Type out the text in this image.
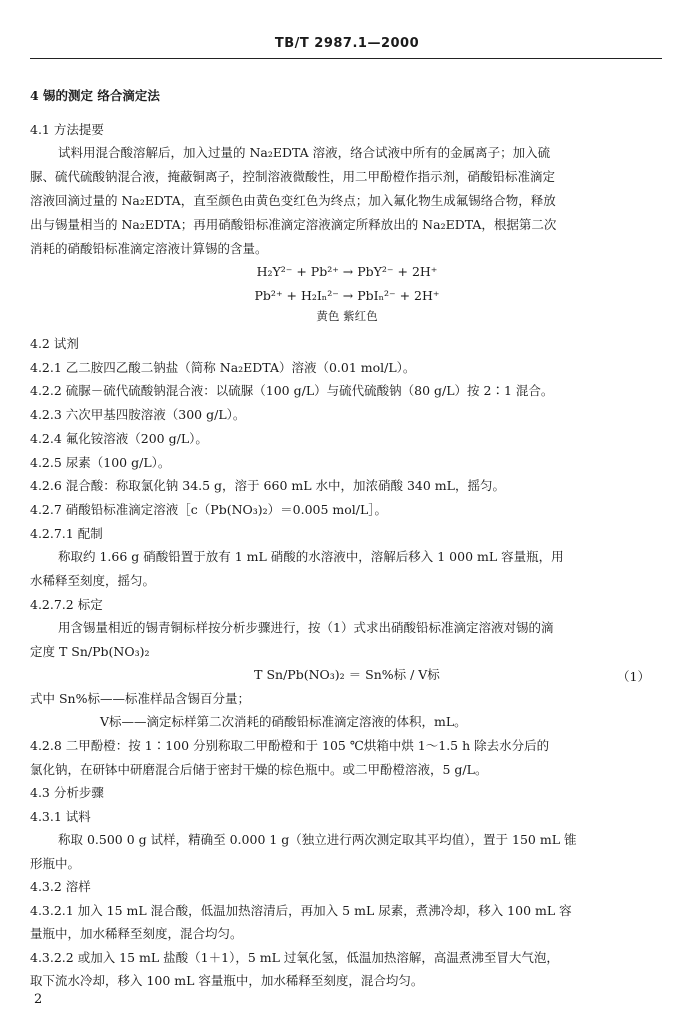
TB/T 2987.1—2000
4 锡的测定 络合滴定法
4.1 方法提要
试料用混合酸溶解后，加入过量的 Na₂EDTA 溶液，络合试液中所有的金属离子；加入硫
脲、硫代硫酸钠混合液，掩蔽铜离子，控制溶液微酸性，用二甲酚橙作指示剂，硝酸铅标准滴定
溶液回滴过量的 Na₂EDTA，直至颜色由黄色变红色为终点；加入氟化物生成氟锡络合物，释放
出与锡量相当的 Na₂EDTA；再用硝酸铅标准滴定溶液滴定所释放出的 Na₂EDTA，根据第二次
消耗的硝酸铅标准滴定溶液计算锡的含量。
H₂Y²⁻ + Pb²⁺ → PbY²⁻ + 2H⁺
Pb²⁺ + H₂Iₙ²⁻ → PbIₙ²⁻ + 2H⁺
黄色 紫红色
4.2 试剂
4.2.1 乙二胺四乙酸二钠盐（简称 Na₂EDTA）溶液（0.01 mol/L）。
4.2.2 硫脲－硫代硫酸钠混合液：以硫脲（100 g/L）与硫代硫酸钠（80 g/L）按 2∶1 混合。
4.2.3 六次甲基四胺溶液（300 g/L）。
4.2.4 氟化铵溶液（200 g/L）。
4.2.5 尿素（100 g/L）。
4.2.6 混合酸：称取氯化钠 34.5 g，溶于 660 mL 水中，加浓硝酸 340 mL，摇匀。
4.2.7 硝酸铅标准滴定溶液［c（Pb(NO₃)₂）＝0.005 mol/L］。
4.2.7.1 配制
称取约 1.66 g 硝酸铅置于放有 1 mL 硝酸的水溶液中，溶解后移入 1 000 mL 容量瓶，用
水稀释至刻度，摇匀。
4.2.7.2 标定
用含锡量相近的锡青铜标样按分析步骤进行，按（1）式求出硝酸铅标准滴定溶液对锡的滴
定度 T Sn/Pb(NO₃)₂
T Sn/Pb(NO₃)₂ ＝ Sn%标 / V标	（1）
式中 Sn%标——标准样品含锡百分量；
V标——滴定标样第二次消耗的硝酸铅标准滴定溶液的体积，mL。
4.2.8 二甲酚橙：按 1∶100 分别称取二甲酚橙和于 105 ℃烘箱中烘 1～1.5 h 除去水分后的
氯化钠，在研钵中研磨混合后储于密封干燥的棕色瓶中。或二甲酚橙溶液，5 g/L。
4.3 分析步骤
4.3.1 试料
称取 0.500 0 g 试样，精确至 0.000 1 g（独立进行两次测定取其平均值），置于 150 mL 锥
形瓶中。
4.3.2 溶样
4.3.2.1 加入 15 mL 混合酸，低温加热溶清后，再加入 5 mL 尿素，煮沸冷却，移入 100 mL 容
量瓶中，加水稀释至刻度，混合均匀。
4.3.2.2 或加入 15 mL 盐酸（1＋1），5 mL 过氧化氢，低温加热溶解，高温煮沸至冒大气泡，
取下流水冷却，移入 100 mL 容量瓶中，加水稀释至刻度，混合均匀。
2
